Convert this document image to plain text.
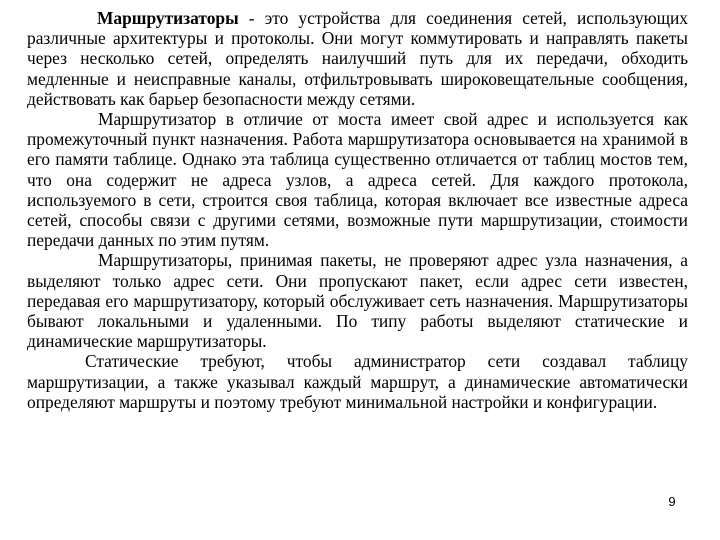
Маршрутизаторы - это устройства для соединения сетей, использующих различные архитектуры и протоколы. Они могут коммутировать и направлять пакеты через несколько сетей, определять наилучший путь для их передачи, обходить медленные и неисправные каналы, отфильтровывать широковещательные сообщения, действовать как барьер безопасности между сетями.

Маршрутизатор в отличие от моста имеет свой адрес и используется как промежуточный пункт назначения. Работа маршрутизатора основывается на хранимой в его памяти таблице. Однако эта таблица существенно отличается от таблиц мостов тем, что она содержит не адреса узлов, а адреса сетей. Для каждого протокола, используемого в сети, строится своя таблица, которая включает все известные адреса сетей, способы связи с другими сетями, возможные пути маршрутизации, стоимости передачи данных по этим путям.

Маршрутизаторы, принимая пакеты, не проверяют адрес узла назначения, а выделяют только адрес сети. Они пропускают пакет, если адрес сети известен, передавая его маршрутизатору, который обслуживает сеть назначения. Маршрутизаторы бывают локальными и удаленными. По типу работы выделяют статические и динамические маршрутизаторы.

Статические требуют, чтобы администратор сети создавал таблицу маршрутизации, а также указывал каждый маршрут, а динамические автоматически определяют маршруты и поэтому требуют минимальной настройки и конфигурации.

9
